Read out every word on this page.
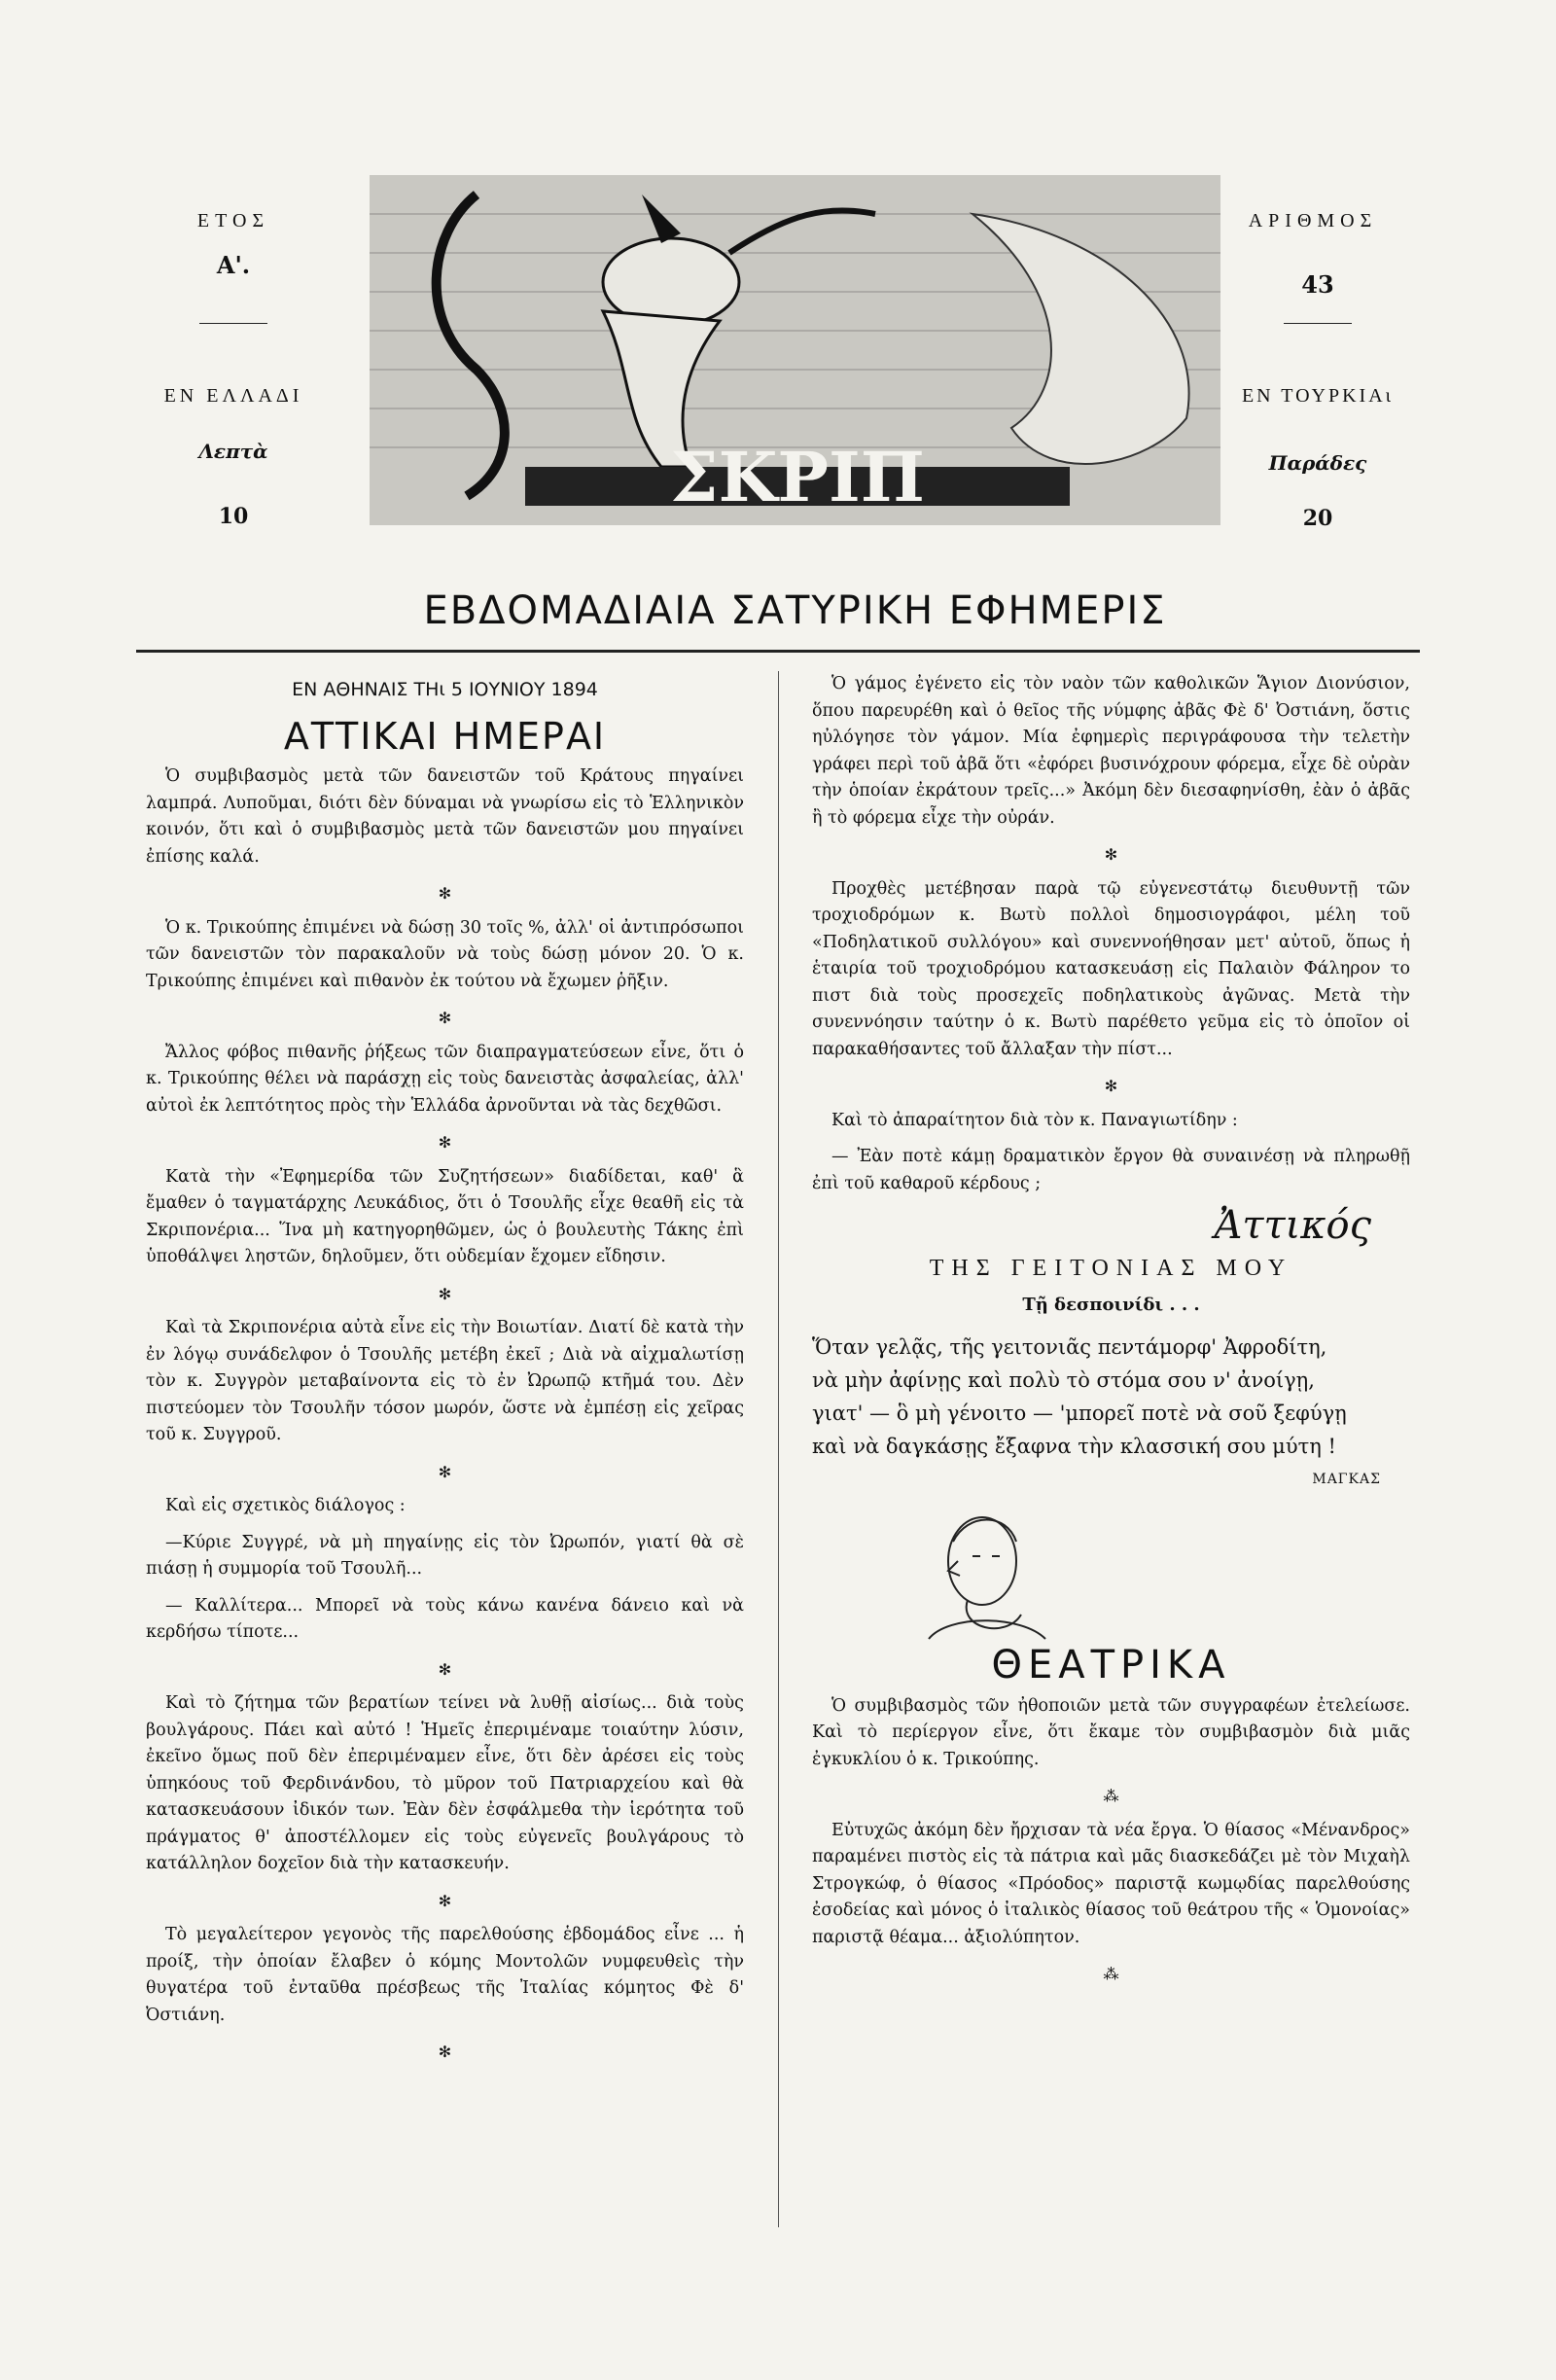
ΕΤΟΣ
Α'.
ΕΝ ΕΛΛΑΔΙ
Λεπτὰ
10
ΑΡΙΘΜΟΣ
43
ΕΝ ΤΟΥΡΚΙΑι
Παράδες
20
ΣΚΡΙΠ
ΕΒΔΟΜΑΔΙΑΙΑ ΣΑΤΥΡΙΚΗ ΕΦΗΜΕΡΙΣ
ΕΝ ΑΘΗΝΑΙΣ ΤΗι 5 ΙΟΥΝΙΟΥ 1894
ΑΤΤΙΚΑΙ ΗΜΕΡΑΙ

Ὁ συμβιβασμὸς μετὰ τῶν δανειστῶν τοῦ Κράτους πηγαίνει λαμπρά. Λυποῦμαι, διότι δὲν δύναμαι νὰ γνωρίσω εἰς τὸ Ἑλληνικὸν κοινόν, ὅτι καὶ ὁ συμβιβασμὸς μετὰ τῶν δανειστῶν μου πηγαίνει ἐπίσης καλά.

✻

Ὁ κ. Τρικούπης ἐπιμένει νὰ δώσῃ 30 τοῖς %, ἀλλ' οἱ ἀντιπρόσωποι τῶν δανειστῶν τὸν παρακαλοῦν νὰ τοὺς δώσῃ μόνον 20. Ὁ κ. Τρικούπης ἐπιμένει καὶ πιθανὸν ἐκ τούτου νὰ ἔχωμεν ῥῆξιν.

✻

Ἄλλος φόβος πιθανῆς ῥήξεως τῶν διαπραγματεύσεων εἶνε, ὅτι ὁ κ. Τρικούπης θέλει νὰ παράσχῃ εἰς τοὺς δανειστὰς ἀσφαλείας, ἀλλ' αὐτοὶ ἐκ λεπτότητος πρὸς τὴν Ἑλλάδα ἀρνοῦνται νὰ τὰς δεχθῶσι.

✻

Κατὰ τὴν «Ἐφημερίδα τῶν Συζητήσεων» διαδίδεται, καθ' ἃ ἔμαθεν ὁ ταγματάρχης Λευκάδιος, ὅτι ὁ Τσουλῆς εἶχε θεαθῆ εἰς τὰ Σκριπονέρια... Ἵνα μὴ κατηγορηθῶμεν, ὡς ὁ βουλευτὴς Τάκης ἐπὶ ὑποθάλψει ληστῶν, δηλοῦμεν, ὅτι οὐδεμίαν ἔχομεν εἴδησιν.

✻

Καὶ τὰ Σκριπονέρια αὐτὰ εἶνε εἰς τὴν Βοιωτίαν. Διατί δὲ κατὰ τὴν ἐν λόγῳ συνάδελφον ὁ Τσουλῆς μετέβη ἐκεῖ ; Διὰ νὰ αἰχμαλωτίσῃ τὸν κ. Συγγρὸν μεταβαίνοντα εἰς τὸ ἐν Ὠρωπῷ κτῆμά του. Δὲν πιστεύομεν τὸν Τσουλῆν τόσον μωρόν, ὥστε νὰ ἐμπέσῃ εἰς χεῖρας τοῦ κ. Συγγροῦ.

✻

Καὶ εἰς σχετικὸς διάλογος :

—Κύριε Συγγρέ, νὰ μὴ πηγαίνῃς εἰς τὸν Ὠρωπόν, γιατί θὰ σὲ πιάσῃ ἡ συμμορία τοῦ Τσουλῆ...

— Καλλίτερα... Μπορεῖ νὰ τοὺς κάνω κανένα δάνειο καὶ νὰ κερδήσω τίποτε...

✻

Καὶ τὸ ζήτημα τῶν βερατίων τείνει νὰ λυθῇ αἰσίως... διὰ τοὺς βουλγάρους. Πάει καὶ αὐτό ! Ἡμεῖς ἐπεριμέναμε τοιαύτην λύσιν, ἐκεῖνο ὅμως ποῦ δὲν ἐπεριμέναμεν εἶνε, ὅτι δὲν ἀρέσει εἰς τοὺς ὑπηκόους τοῦ Φερδινάνδου, τὸ μῦρον τοῦ Πατριαρχείου καὶ θὰ κατασκευάσουν ἰδικόν των. Ἐὰν δὲν ἐσφάλμεθα τὴν ἱερότητα τοῦ πράγματος θ' ἀποστέλλομεν εἰς τοὺς εὐγενεῖς βουλγάρους τὸ κατάλληλον δοχεῖον διὰ τὴν κατασκευήν.

✻

Τὸ μεγαλείτερον γεγονὸς τῆς παρελθούσης ἑβδομάδος εἶνε ... ἡ προίξ, τὴν ὁποίαν ἔλαβεν ὁ κόμης Μοντολῶν νυμφευθεὶς τὴν θυγατέρα τοῦ ἐνταῦθα πρέσβεως τῆς Ἰταλίας κόμητος Φὲ δ' Ὀστιάνη.

✻

Ὁ γάμος ἐγένετο εἰς τὸν ναὸν τῶν καθολικῶν Ἅγιον Διονύσιον, ὅπου παρευρέθη καὶ ὁ θεῖος τῆς νύμφης ἀβᾶς Φὲ δ' Ὀστιάνη, ὅστις ηὐλόγησε τὸν γάμον. Μία ἐφημερὶς περιγράφουσα τὴν τελετὴν γράφει περὶ τοῦ ἀβᾶ ὅτι «ἐφόρει βυσινόχρουν φόρεμα, εἶχε δὲ οὐρὰν τὴν ὁποίαν ἐκράτουν τρεῖς...» Ἀκόμη δὲν διεσαφηνίσθη, ἐὰν ὁ ἀβᾶς ἢ τὸ φόρεμα εἶχε τὴν οὐράν.

✻

Προχθὲς μετέβησαν παρὰ τῷ εὐγενεστάτῳ διευθυντῇ τῶν τροχιοδρόμων κ. Βωτὺ πολλοὶ δημοσιογράφοι, μέλη τοῦ «Ποδηλατικοῦ συλλόγου» καὶ συνεννοήθησαν μετ' αὐτοῦ, ὅπως ἡ ἑταιρία τοῦ τροχιοδρόμου κατασκευάσῃ εἰς Παλαιὸν Φάληρον το πιστ διὰ τοὺς προσεχεῖς ποδηλατικοὺς ἀγῶνας. Μετὰ τὴν συνεννόησιν ταύτην ὁ κ. Βωτὺ παρέθετο γεῦμα εἰς τὸ ὁποῖον οἱ παρακαθήσαντες τοῦ ἄλλαξαν τὴν πίστ...

✻

Καὶ τὸ ἀπαραίτητον διὰ τὸν κ. Παναγιωτίδην :

— Ἐὰν ποτὲ κάμῃ δραματικὸν ἔργον θὰ συναινέσῃ νὰ πληρωθῇ ἐπὶ τοῦ καθαροῦ κέρδους ;

Ἀττικός
ΤΗΣ ΓΕΙΤΟΝΙΑΣ ΜΟΥ
Τῇ δεσποινίδι . . .
Ὅταν γελᾷς, τῆς γειτονιᾶς πεντάμορφ' Ἀφροδίτη,
νὰ μὴν ἀφίνῃς καὶ πολὺ τὸ στόμα σου ν' ἀνοίγῃ,
γιατ' — ὃ μὴ γένοιτο — 'μπορεῖ ποτὲ νὰ σοῦ ξεφύγῃ
καὶ νὰ δαγκάσῃς ἔξαφνα τὴν κλασσική σου μύτη !
ΜΑΓΚΑΣ
ΘΕΑΤΡΙΚΑ

Ὁ συμβιβασμὸς τῶν ἠθοποιῶν μετὰ τῶν συγγραφέων ἐτελείωσε. Καὶ τὸ περίεργον εἶνε, ὅτι ἔκαμε τὸν συμβιβασμὸν διὰ μιᾶς ἐγκυκλίου ὁ κ. Τρικούπης.

⁂

Εὐτυχῶς ἀκόμη δὲν ἤρχισαν τὰ νέα ἔργα. Ὁ θίασος «Μένανδρος» παραμένει πιστὸς εἰς τὰ πάτρια καὶ μᾶς διασκεδάζει μὲ τὸν Μιχαὴλ Στρογκώφ, ὁ θίασος «Πρόοδος» παριστᾷ κωμῳδίας παρελθούσης ἐσοδείας καὶ μόνος ὁ ἰταλικὸς θίασος τοῦ θεάτρου τῆς « Ὁμονοίας» παριστᾷ θέαμα... ἀξιολύπητον.

⁂
